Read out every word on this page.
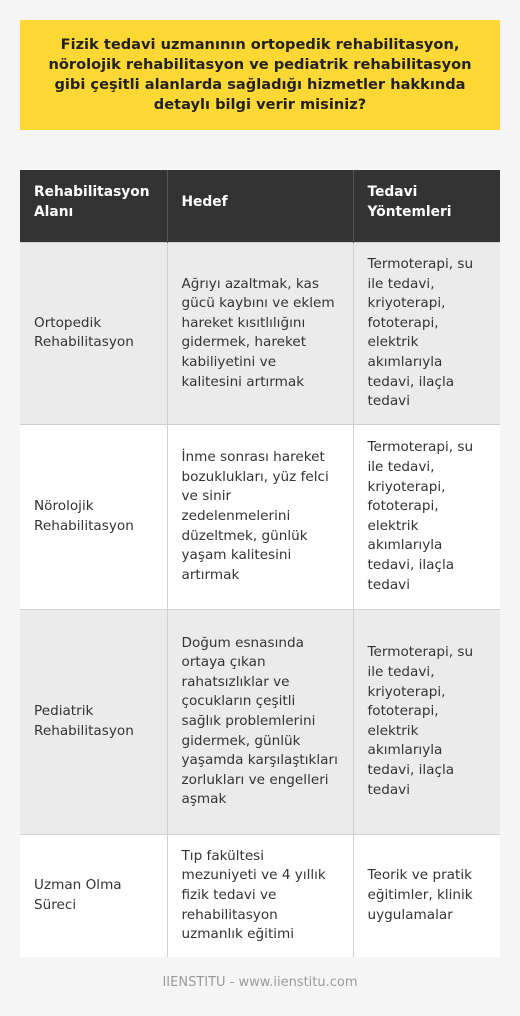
Fizik tedavi uzmanının ortopedik rehabilitasyon, nörolojik rehabilitasyon ve pediatrik rehabilitasyon gibi çeşitli alanlarda sağladığı hizmetler hakkında detaylı bilgi verir misiniz?
Rehabilitasyon Alanı	Hedef	Tedavi Yöntemleri
Ortopedik Rehabilitasyon	Ağrıyı azaltmak, kas gücü kaybını ve eklem hareket kısıtlılığını gidermek, hareket kabiliyetini ve kalitesini artırmak	Termoterapi, su ile tedavi, kriyoterapi, fototerapi, elektrik akımlarıyla tedavi, ilaçla tedavi
Nörolojik Rehabilitasyon	İnme sonrası hareket bozuklukları, yüz felci ve sinir zedelenmelerini düzeltmek, günlük yaşam kalitesini artırmak	Termoterapi, su ile tedavi, kriyoterapi, fototerapi, elektrik akımlarıyla tedavi, ilaçla tedavi
Pediatrik Rehabilitasyon	Doğum esnasında ortaya çıkan rahatsızlıklar ve çocukların çeşitli sağlık problemlerini gidermek, günlük yaşamda karşılaştıkları zorlukları ve engelleri aşmak	Termoterapi, su ile tedavi, kriyoterapi, fototerapi, elektrik akımlarıyla tedavi, ilaçla tedavi
Uzman Olma Süreci	Tıp fakültesi mezuniyeti ve 4 yıllık fizik tedavi ve rehabilitasyon uzmanlık eğitimi	Teorik ve pratik eğitimler, klinik uygulamalar
IIENSTITU - www.iienstitu.com
